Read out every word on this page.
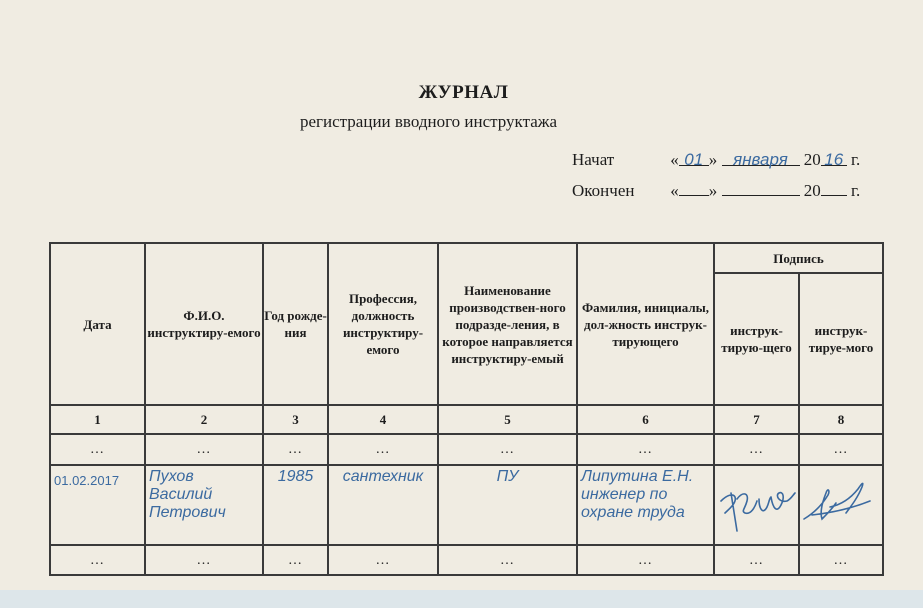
ЖУРНАЛ
регистрации вводного инструктажа
Начат	« 01 » января 20 16 г.
Окончен « »	20 г.
Дата	Ф.И.О. инструктиру-емого	Год рожде-ния	Профессия, должность инструктиру-емого	Наименование производствен-ного подразде-ления, в которое направляется инструктиру-емый	Фамилия, инициалы, дол-жность инструк-тирующего	Подпись	
						инструк-тирую-щего	инструк-тируе-мого
1	2	3	4	5	6	7	8
…	…	…	…	…	…	…	…
01.02.2017	Пухов Василий Петрович	1985	сантехник	ПУ	Липутина Е.Н. инженер по охране труда		
…	…	…	…	…	…	…	…
